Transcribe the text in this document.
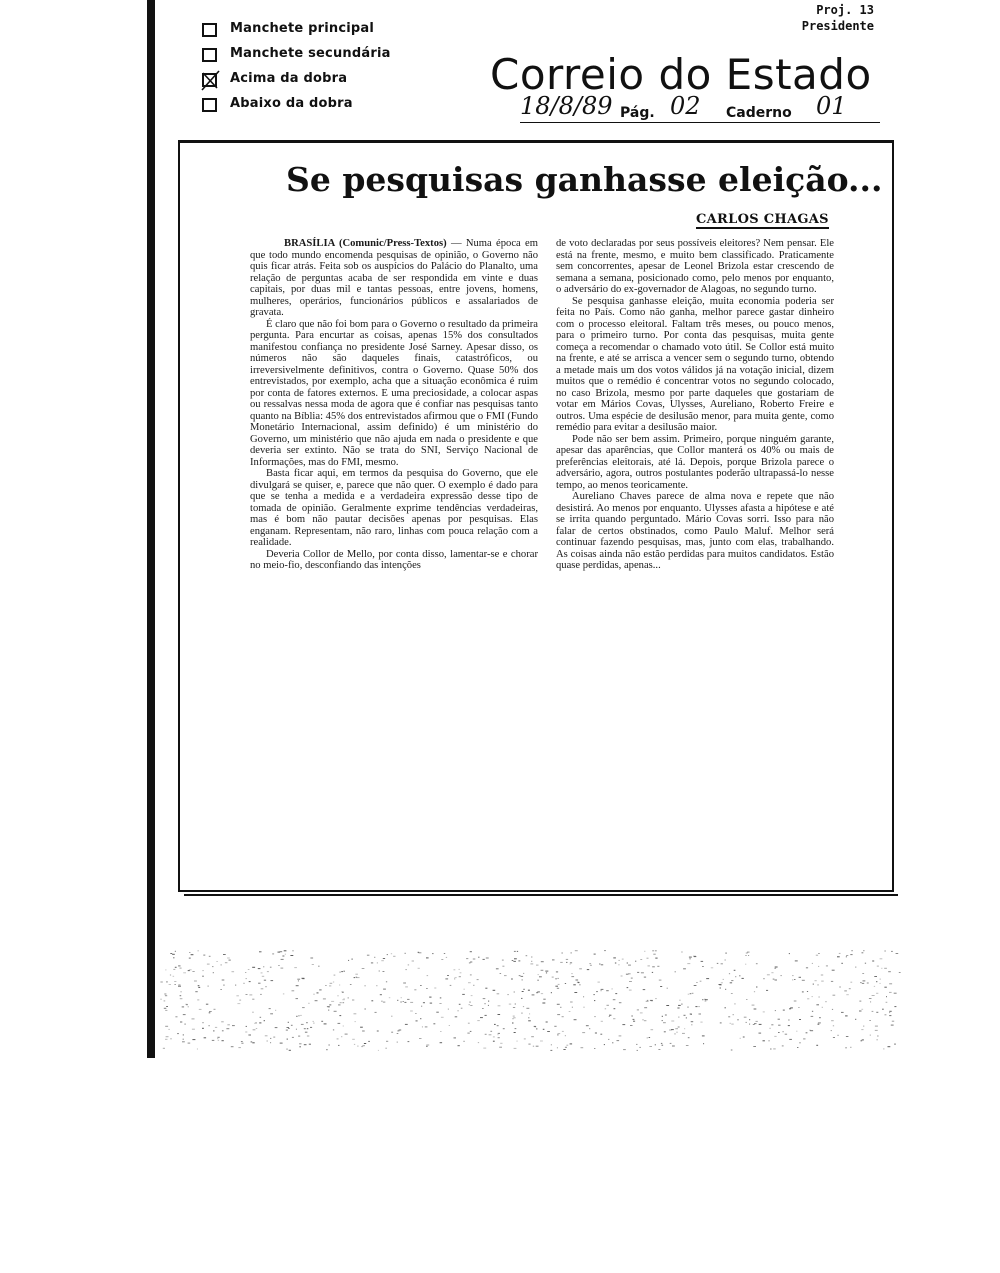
Proj. 13
Presidente
Manchete principal
Manchete secundária
Acima da dobra
Abaixo da dobra
Correio do Estado
18/8/89 Pág. 02 Caderno 01
Se pesquisas ganhasse eleição...
CARLOS CHAGAS

BRASÍLIA (Comunic/Press-Textos) — Numa época em que todo mundo encomenda pesquisas de opinião, o Governo não quis ficar atrás. Feita sob os auspícios do Palácio do Planalto, uma relação de perguntas acaba de ser respondida em vinte e duas capitais, por duas mil e tantas pessoas, entre jovens, homens, mulheres, operários, funcionários públicos e assalariados de gravata.

É claro que não foi bom para o Governo o resultado da primeira pergunta. Para encurtar as coisas, apenas 15% dos consultados manifestou confiança no presidente José Sarney. Apesar disso, os números não são daqueles finais, catastróficos, ou irreversivelmente definitivos, contra o Governo. Quase 50% dos entrevistados, por exemplo, acha que a situação econômica é ruim por conta de fatores externos. E uma preciosidade, a colocar aspas ou ressalvas nessa moda de agora que é confiar nas pesquisas tanto quanto na Bíblia: 45% dos entrevistados afirmou que o FMI (Fundo Monetário Internacional, assim definido) é um ministério do Governo, um ministério que não ajuda em nada o presidente e que deveria ser extinto. Não se trata do SNI, Serviço Nacional de Informações, mas do FMI, mesmo.

Basta ficar aqui, em termos da pesquisa do Governo, que ele divulgará se quiser, e, parece que não quer. O exemplo é dado para que se tenha a medida e a verdadeira expressão desse tipo de tomada de opinião. Geralmente exprime tendências verdadeiras, mas é bom não pautar decisões apenas por pesquisas. Elas enganam. Representam, não raro, linhas com pouca relação com a realidade.

Deveria Collor de Mello, por conta disso, lamentar-se e chorar no meio-fio, desconfiando das intenções

de voto declaradas por seus possíveis eleitores? Nem pensar. Ele está na frente, mesmo, e muito bem classificado. Praticamente sem concorrentes, apesar de Leonel Brizola estar crescendo de semana a semana, posicionado como, pelo menos por enquanto, o adversário do ex-governador de Alagoas, no segundo turno.

Se pesquisa ganhasse eleição, muita economia poderia ser feita no País. Como não ganha, melhor parece gastar dinheiro com o processo eleitoral. Faltam três meses, ou pouco menos, para o primeiro turno. Por conta das pesquisas, muita gente começa a recomendar o chamado voto útil. Se Collor está muito na frente, e até se arrisca a vencer sem o segundo turno, obtendo a metade mais um dos votos válidos já na votação inicial, dizem muitos que o remédio é concentrar votos no segundo colocado, no caso Brizola, mesmo por parte daqueles que gostariam de votar em Mários Covas, Ulysses, Aureliano, Roberto Freire e outros. Uma espécie de desilusão menor, para muita gente, como remédio para evitar a desilusão maior.

Pode não ser bem assim. Primeiro, porque ninguém garante, apesar das aparências, que Collor manterá os 40% ou mais de preferências eleitorais, até lá. Depois, porque Brizola parece o adversário, agora, outros postulantes poderão ultrapassá-lo nesse tempo, ao menos teoricamente.

Aureliano Chaves parece de alma nova e repete que não desistirá. Ao menos por enquanto. Ulysses afasta a hipótese e até se irrita quando perguntado. Mário Covas sorri. Isso para não falar de certos obstinados, como Paulo Maluf. Melhor será continuar fazendo pesquisas, mas, junto com elas, trabalhando. As coisas ainda não estão perdidas para muitos candidatos. Estão quase perdidas, apenas...
